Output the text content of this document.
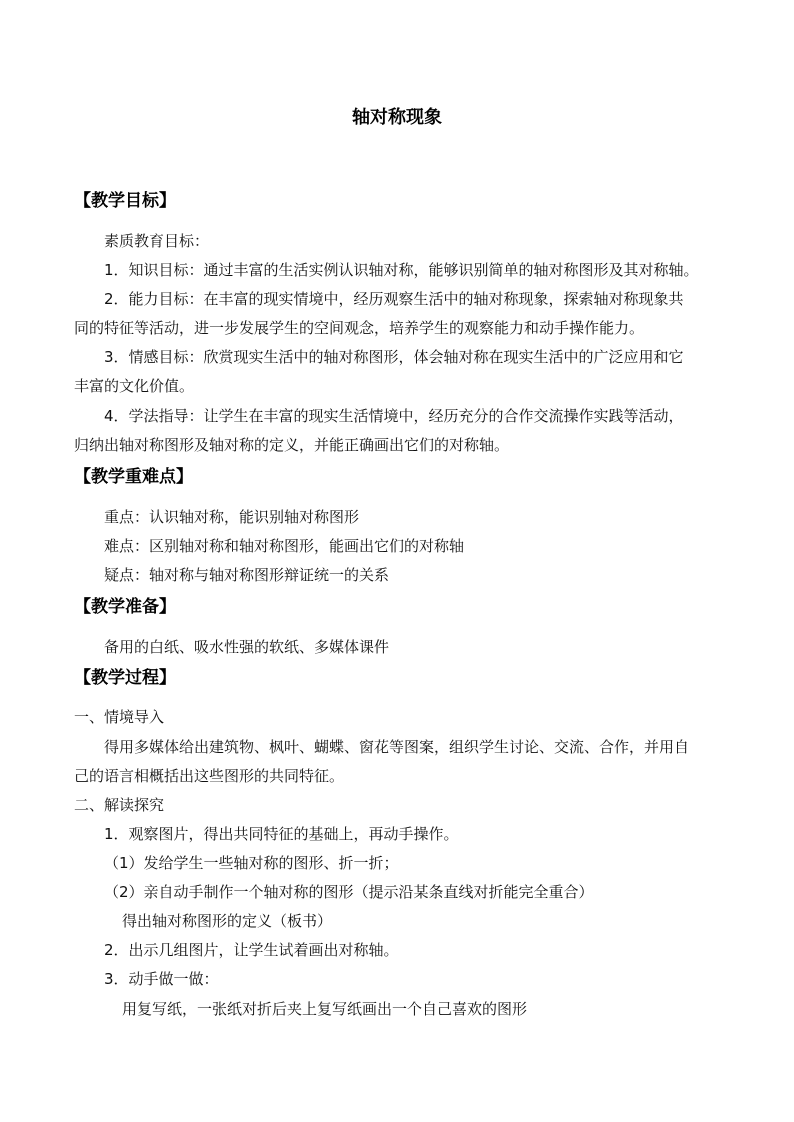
轴对称现象
【教学目标】
素质教育目标：
1．知识目标：通过丰富的生活实例认识轴对称，能够识别简单的轴对称图形及其对称轴。
2．能力目标：在丰富的现实情境中，经历观察生活中的轴对称现象，探索轴对称现象共
同的特征等活动，进一步发展学生的空间观念，培养学生的观察能力和动手操作能力。
3．情感目标：欣赏现实生活中的轴对称图形，体会轴对称在现实生活中的广泛应用和它
丰富的文化价值。
4．学法指导：让学生在丰富的现实生活情境中，经历充分的合作交流操作实践等活动，
归纳出轴对称图形及轴对称的定义，并能正确画出它们的对称轴。
【教学重难点】
重点：认识轴对称，能识别轴对称图形
难点：区别轴对称和轴对称图形，能画出它们的对称轴
疑点：轴对称与轴对称图形辩证统一的关系
【教学准备】
备用的白纸、吸水性强的软纸、多媒体课件
【教学过程】
一、情境导入
得用多媒体给出建筑物、枫叶、蝴蝶、窗花等图案，组织学生讨论、交流、合作，并用自
己的语言相概括出这些图形的共同特征。
二、解读探究
1．观察图片，得出共同特征的基础上，再动手操作。
（1）发给学生一些轴对称的图形、折一折；
（2）亲自动手制作一个轴对称的图形（提示沿某条直线对折能完全重合）
得出轴对称图形的定义（板书）
2．出示几组图片，让学生试着画出对称轴。
3．动手做一做：
用复写纸，一张纸对折后夹上复写纸画出一个自己喜欢的图形
